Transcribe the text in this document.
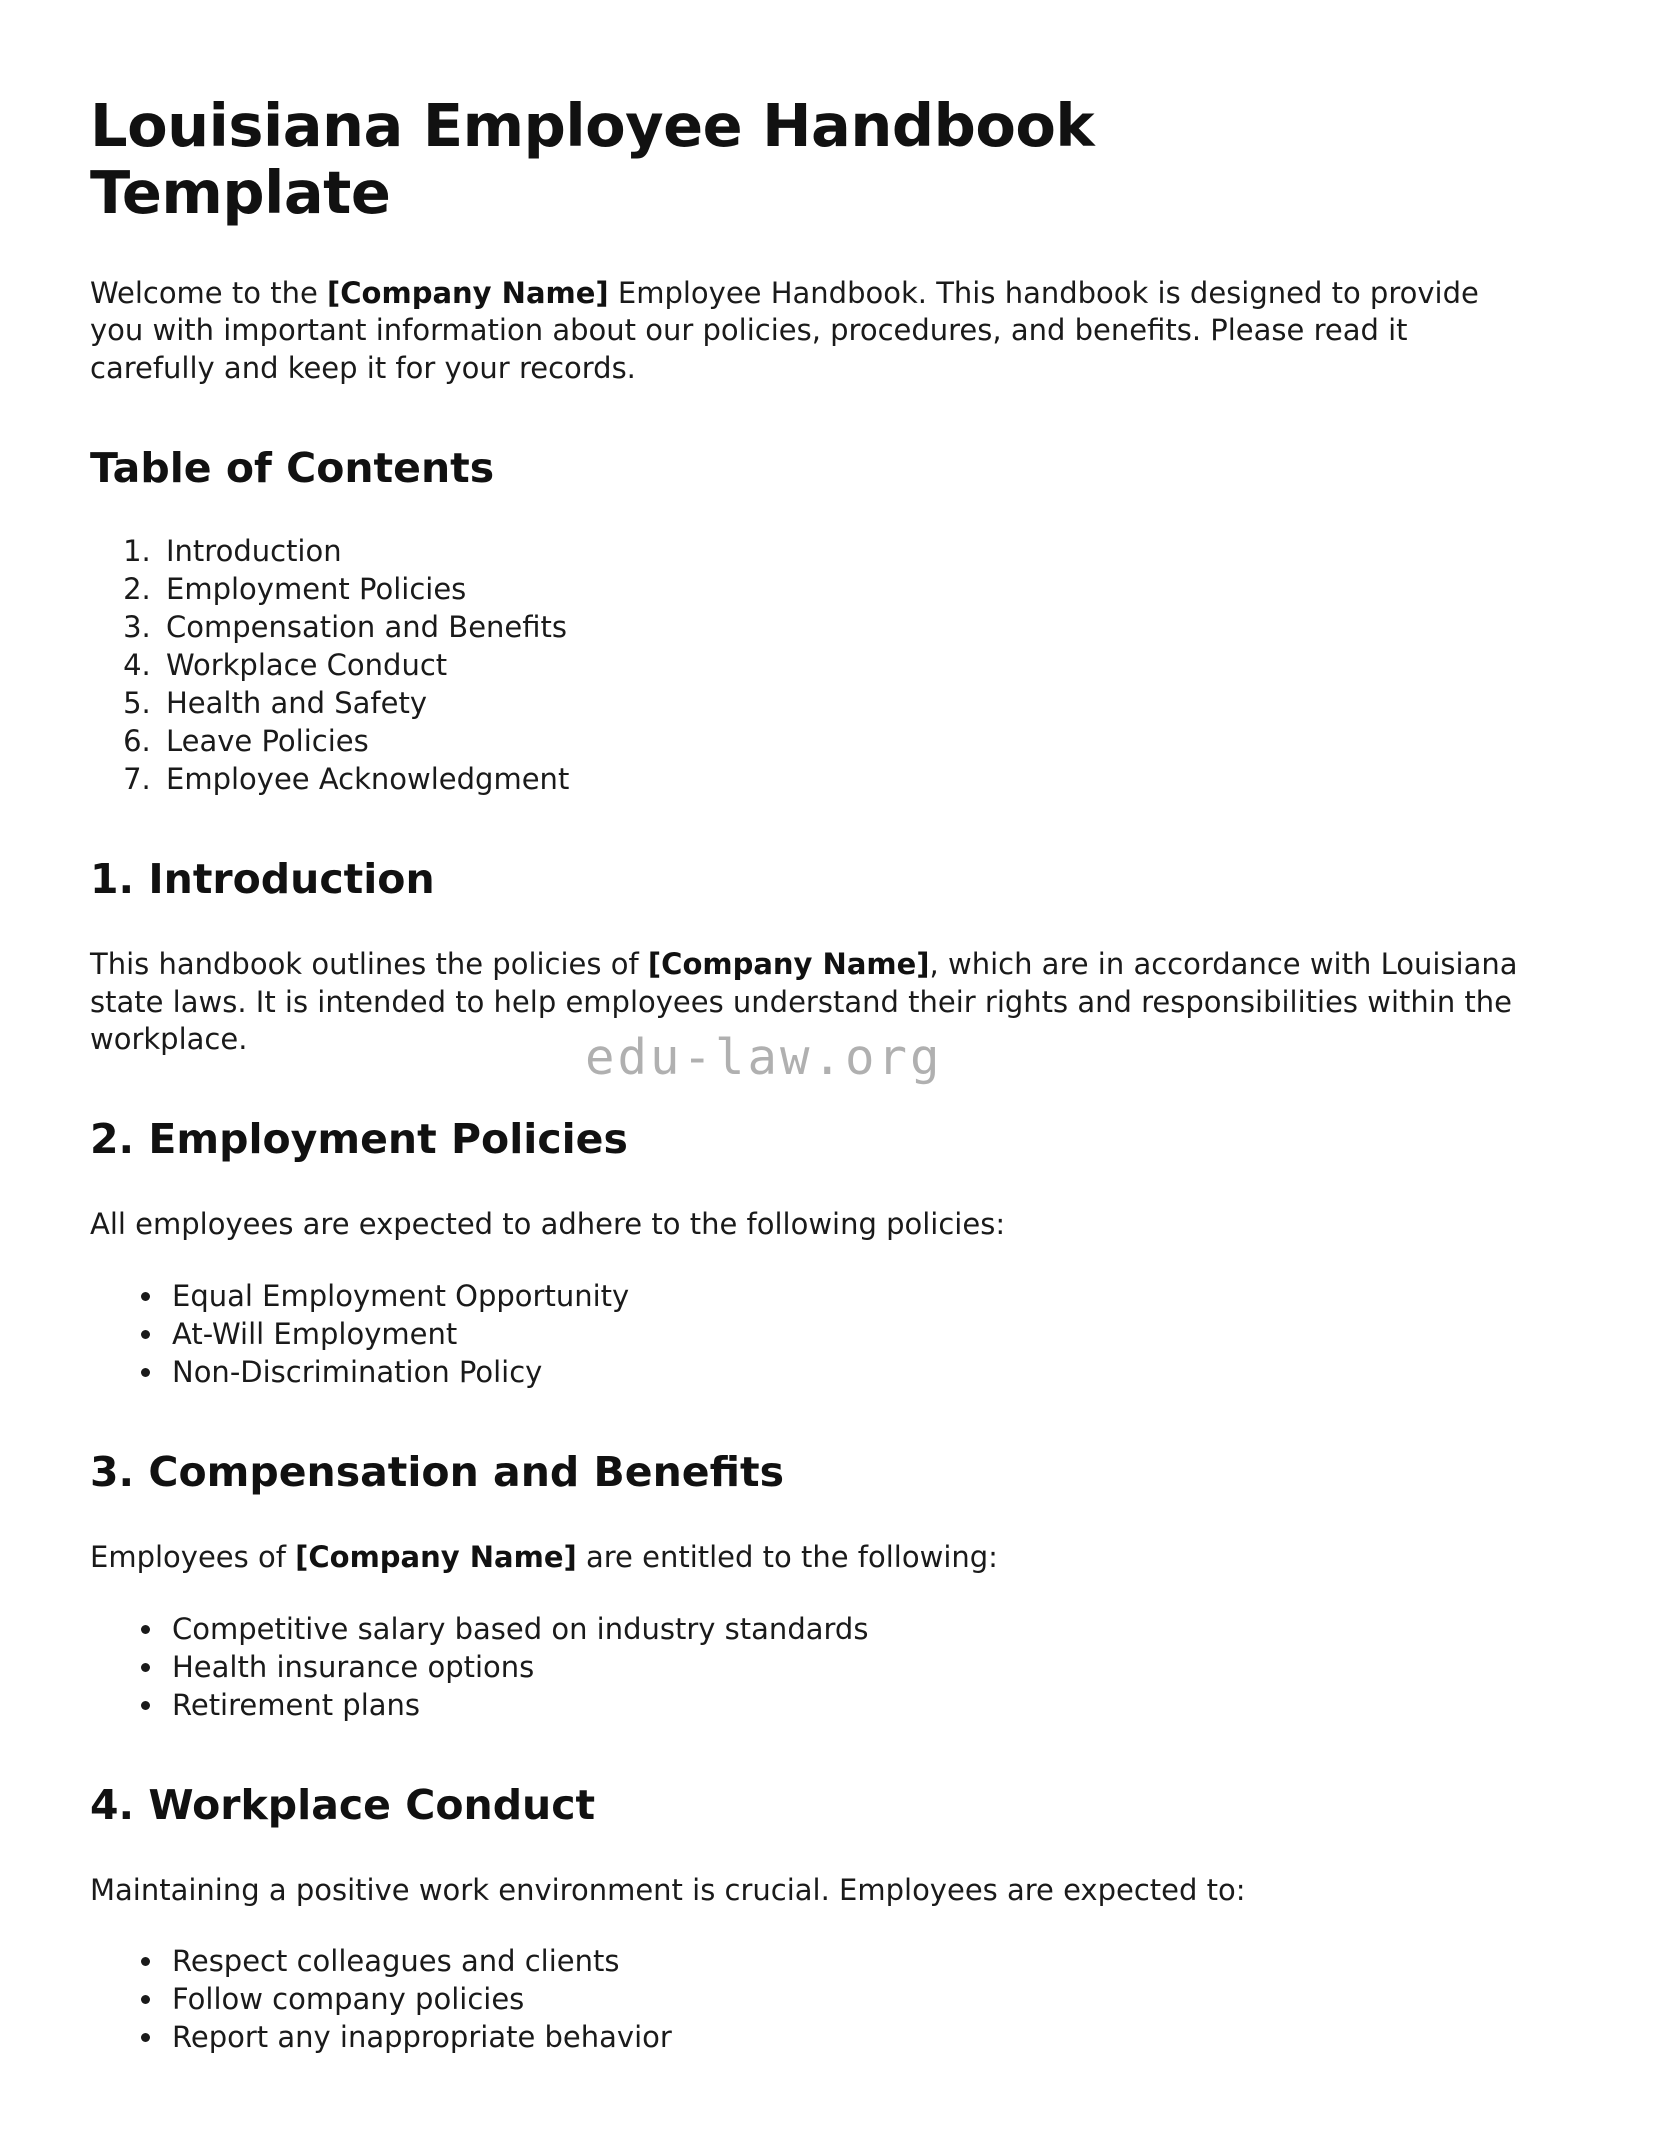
Louisiana Employee Handbook Template

Welcome to the [Company Name] Employee Handbook. This handbook is designed to provide you with important information about our policies, procedures, and benefits. Please read it carefully and keep it for your records.

Table of Contents
1. Introduction
2. Employment Policies
3. Compensation and Benefits
4. Workplace Conduct
5. Health and Safety
6. Leave Policies
7. Employee Acknowledgment
1. Introduction

This handbook outlines the policies of [Company Name], which are in accordance with Louisiana state laws. It is intended to help employees understand their rights and responsibilities within the workplace.

2. Employment Policies

All employees are expected to adhere to the following policies:

• Equal Employment Opportunity
• At-Will Employment
• Non-Discrimination Policy
3. Compensation and Benefits

Employees of [Company Name] are entitled to the following:

• Competitive salary based on industry standards
• Health insurance options
• Retirement plans
4. Workplace Conduct

Maintaining a positive work environment is crucial. Employees are expected to:

• Respect colleagues and clients
• Follow company policies
• Report any inappropriate behavior
edu-law.org
